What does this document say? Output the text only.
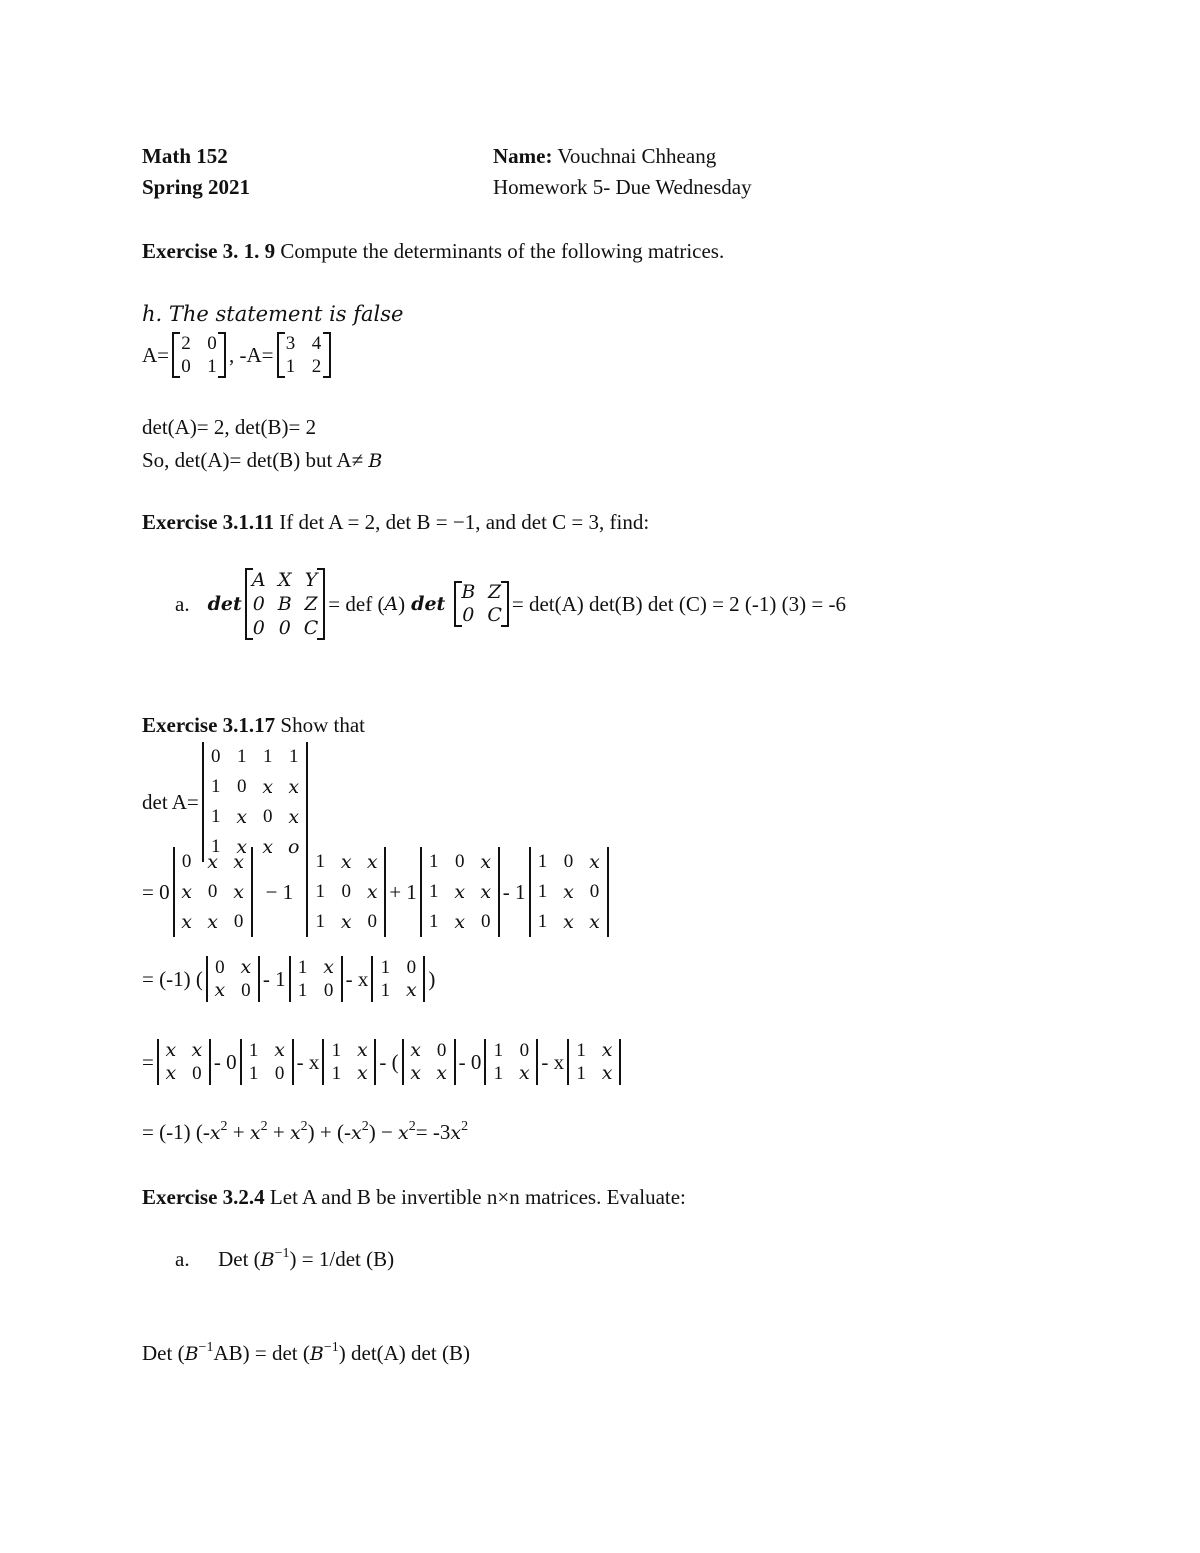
Math 152
Spring 2021
Name: Vouchnai Chheang
Homework 5- Due Wednesday
Exercise 3. 1. 9 Compute the determinants of the following matrices.
h. The statement is false
A= 2 0
0 1 , -A= 3 4
1 2
det(A)= 2, det(B)= 2
So, det(A)= det(B) but A≠ B
Exercise 3.1.11 If det A = 2, det B = −1, and det C = 3, find:
a. det
A X Y
0 B Z
0 0 C
= def ( A ) det
B Z
0 C = det(A) det(B) det (C) = 2 (-1) (3) = -6
Exercise 3.1.17 Show that
det A=
0 1 1 1
1 0 x x
1 x 0 x
1 x x o
= 0
0 x x
x 0 x
x x 0
− 1
1 x x
1 0 x
1 x 0
+ 1
1 0 x
1 x x
1 x 0
- 1
1 0 x
1 x 0
1 x x
= (-1) ( 0 x
x 0 - 1 1 x
1 0 - x 1 0
1 x )
= x x
x 0 - 0 1 x
1 0 - x 1 x
1 x - ( x 0
x x - 0 1 0
1 x - x 1 x
1 x
= (-1) $(-x^2 + x^2 + x^2) + (-x^2) - x^2= -3x^2$
Exercise 3.2.4 Let A and B be invertible n×n matrices. Evaluate:
a. Det $(B^{-1}) = 1/\det$ (B)
Det $(B^{-1}AB) = \det (B^{-1})$ det(A) det (B)
